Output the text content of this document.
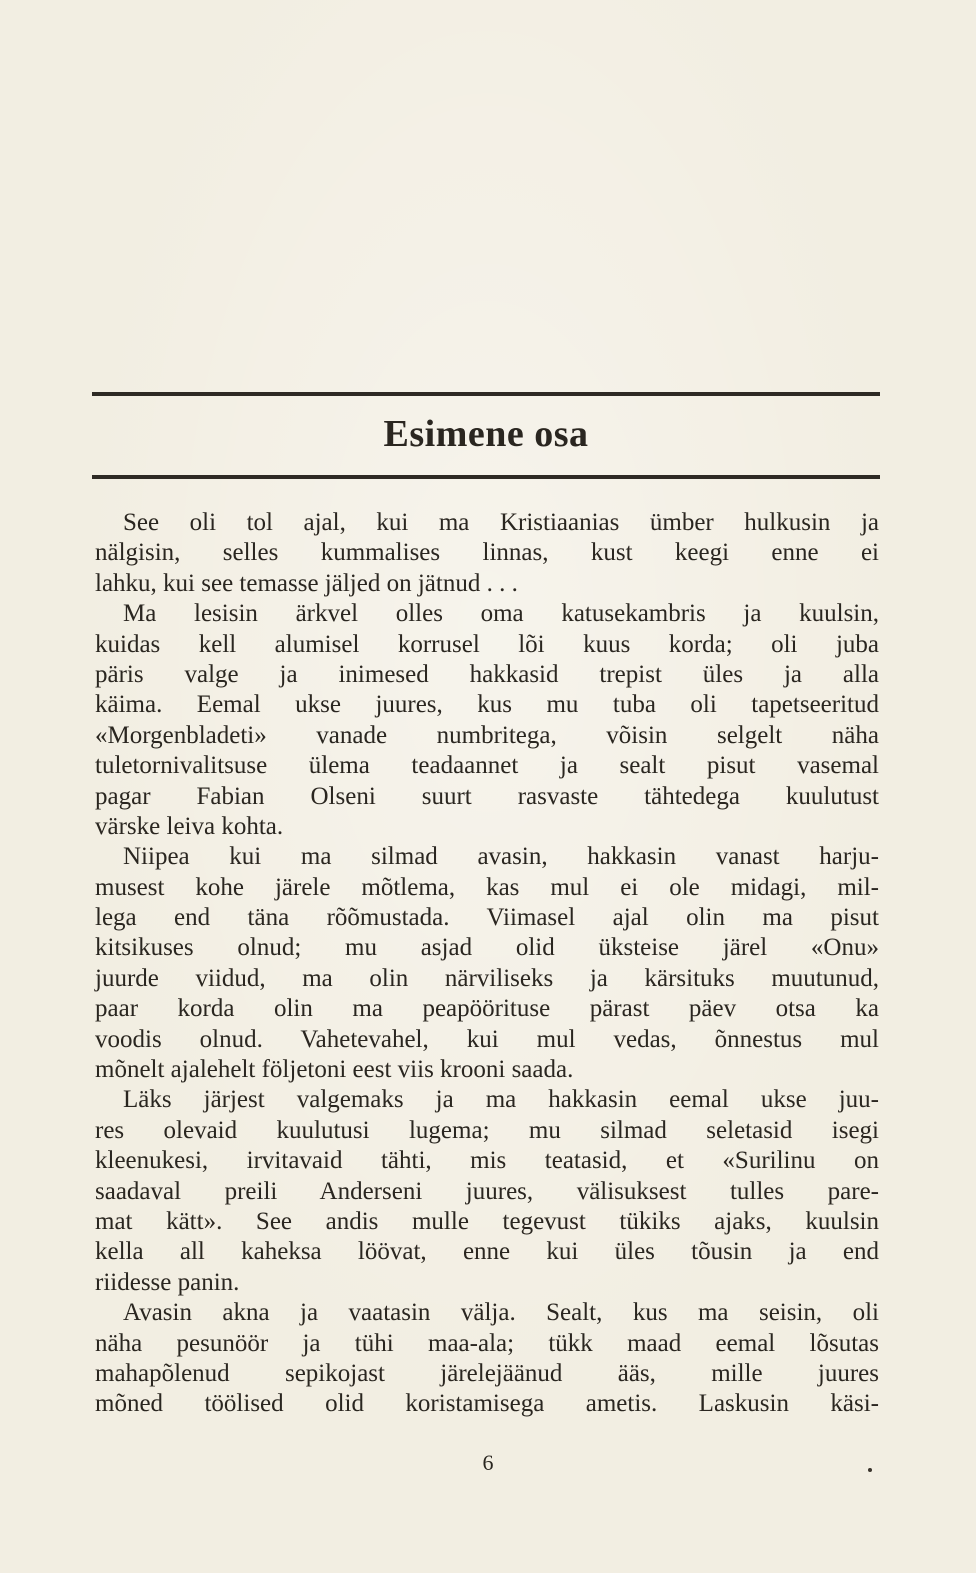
Esimene osa
See oli tol ajal, kui ma Kristiaanias ümber hulkusin ja
nälgisin, selles kummalises linnas, kust keegi enne ei
lahku, kui see temasse jäljed on jätnud . . .
Ma lesisin ärkvel olles oma katusekambris ja kuulsin,
kuidas kell alumisel korrusel lõi kuus korda; oli juba
päris valge ja inimesed hakkasid trepist üles ja alla
käima. Eemal ukse juures, kus mu tuba oli tapetseeritud
«Morgenbladeti» vanade numbritega, võisin selgelt näha
tuletornivalitsuse ülema teadaannet ja sealt pisut vasemal
pagar Fabian Olseni suurt rasvaste tähtedega kuulutust
värske leiva kohta.
Niipea kui ma silmad avasin, hakkasin vanast harju-
musest kohe järele mõtlema, kas mul ei ole midagi, mil-
lega end täna rõõmustada. Viimasel ajal olin ma pisut
kitsikuses olnud; mu asjad olid üksteise järel «Onu»
juurde viidud, ma olin närviliseks ja kärsituks muutunud,
paar korda olin ma peapöörituse pärast päev otsa ka
voodis olnud. Vahetevahel, kui mul vedas, õnnestus mul
mõnelt ajalehelt följetoni eest viis krooni saada.
Läks järjest valgemaks ja ma hakkasin eemal ukse juu-
res olevaid kuulutusi lugema; mu silmad seletasid isegi
kleenukesi, irvitavaid tähti, mis teatasid, et «Surilinu on
saadaval preili Anderseni juures, välisuksest tulles pare-
mat kätt». See andis mulle tegevust tükiks ajaks, kuulsin
kella all kaheksa löövat, enne kui üles tõusin ja end
riidesse panin.
Avasin akna ja vaatasin välja. Sealt, kus ma seisin, oli
näha pesunöör ja tühi maa-ala; tükk maad eemal lõsutas
mahapõlenud sepikojast järelejäänud ääs, mille juures
mõned töölised olid koristamisega ametis. Laskusin käsi-
6
